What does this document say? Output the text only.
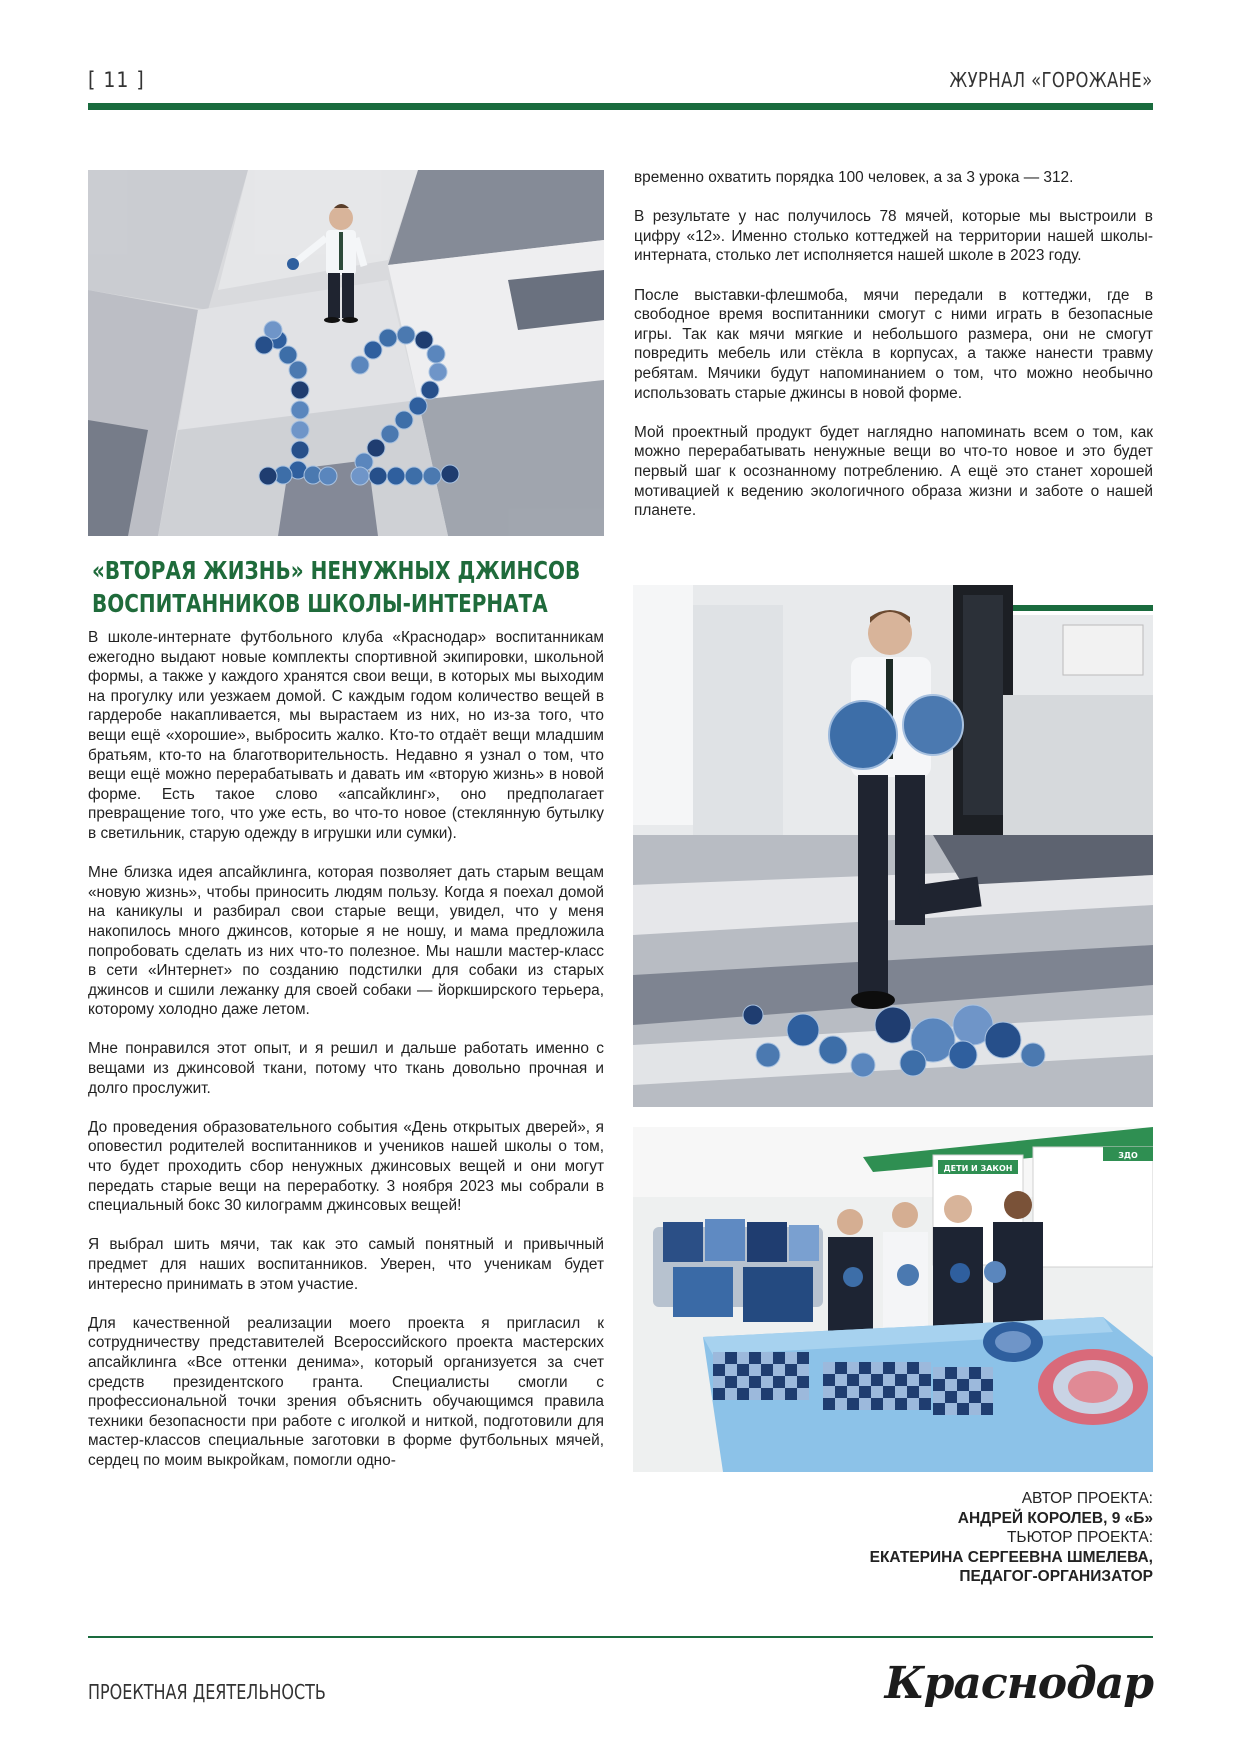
[ 11 ]	ЖУРНАЛ «ГОРОЖАНЕ»
«ВТОРАЯ ЖИЗНЬ» НЕНУЖНЫХ ДЖИНСОВ
ВОСПИТАННИКОВ ШКОЛЫ-ИНТЕРНАТА

В школе-интернате футбольного клуба «Краснодар» воспитанникам ежегодно выдают новые комплекты спортивной экипировки, школьной формы, а также у каждого хранятся свои вещи, в которых мы выходим на прогулку или уезжаем домой. С каждым годом количество вещей в гардеробе накапливается, мы вырастаем из них, но из-за того, что вещи ещё «хорошие», выбросить жалко. Кто-то отдаёт вещи младшим братьям, кто-то на благотворительность. Недавно я узнал о том, что вещи ещё можно перерабатывать и давать им «вторую жизнь» в новой форме. Есть такое слово «апсайклинг», оно предполагает превращение того, что уже есть, во что-то новое (стеклянную бутылку в светильник, старую одежду в игрушки или сумки).

Мне близка идея апсайклинга, которая позволяет дать старым вещам «новую жизнь», чтобы приносить людям пользу. Когда я поехал домой на каникулы и разбирал свои старые вещи, увидел, что у меня накопилось много джинсов, которые я не ношу, и мама предложила попробовать сделать из них что-то полезное. Мы нашли мастер-класс в сети «Интернет» по созданию подстилки для собаки из старых джинсов и сшили лежанку для своей собаки — йоркширского терьера, которому холодно даже летом.

Мне понравился этот опыт, и я решил и дальше работать именно с вещами из джинсовой ткани, потому что ткань довольно прочная и долго прослужит.

До проведения образовательного события «День открытых дверей», я оповестил родителей воспитанников и учеников нашей школы о том, что будет проходить сбор ненужных джинсовых вещей и они могут передать старые вещи на переработку. 3 ноября 2023 мы собрали в специальный бокс 30 килограмм джинсовых вещей!

Я выбрал шить мячи, так как это самый понятный и привычный предмет для наших воспитанников. Уверен, что ученикам будет интересно принимать в этом участие.

Для качественной реализации моего проекта я пригласил к сотрудничеству представителей Всероссийского проекта мастерских апсайклинга «Все оттенки денима», который организуется за счет средств президентского гранта. Специалисты смогли с профессиональной точки зрения объяснить обучающимся правила техники безопасности при работе с иголкой и ниткой, подготовили для мастер-классов специальные заготовки в форме футбольных мячей, сердец по моим выкройкам, помогли одно-

временно охватить порядка 100 человек, а за 3 урока — 312.

В результате у нас получилось 78 мячей, которые мы выстроили в цифру «12». Именно столько коттеджей на территории нашей школы-интерната, столько лет исполняется нашей школе в 2023 году.

После выставки-флешмоба, мячи передали в коттеджи, где в свободное время воспитанники смогут с ними играть в безопасные игры. Так как мячи мягкие и небольшого размера, они не смогут повредить мебель или стёкла в корпусах, а также нанести травму ребятам. Мячики будут напоминанием о том, что можно необычно использовать старые джинсы в новой форме.

Мой проектный продукт будет наглядно напоминать всем о том, как можно перерабатывать ненужные вещи во что-то новое и это будет первый шаг к осознанному потреблению. А ещё это станет хорошей мотивацией к ведению экологичного образа жизни и заботе о нашей планете.

ДЕТИ И ЗАКОН
ЗДО
АВТОР ПРОЕКТА:
АНДРЕЙ КОРОЛЕВ, 9 «Б»
ТЬЮТОР ПРОЕКТА:
ЕКАТЕРИНА СЕРГЕЕВНА ШМЕЛЕВА,
ПЕДАГОГ-ОРГАНИЗАТОР
ПРОЕКТНАЯ ДЕЯТЕЛЬНОСТЬ	Краснодар
